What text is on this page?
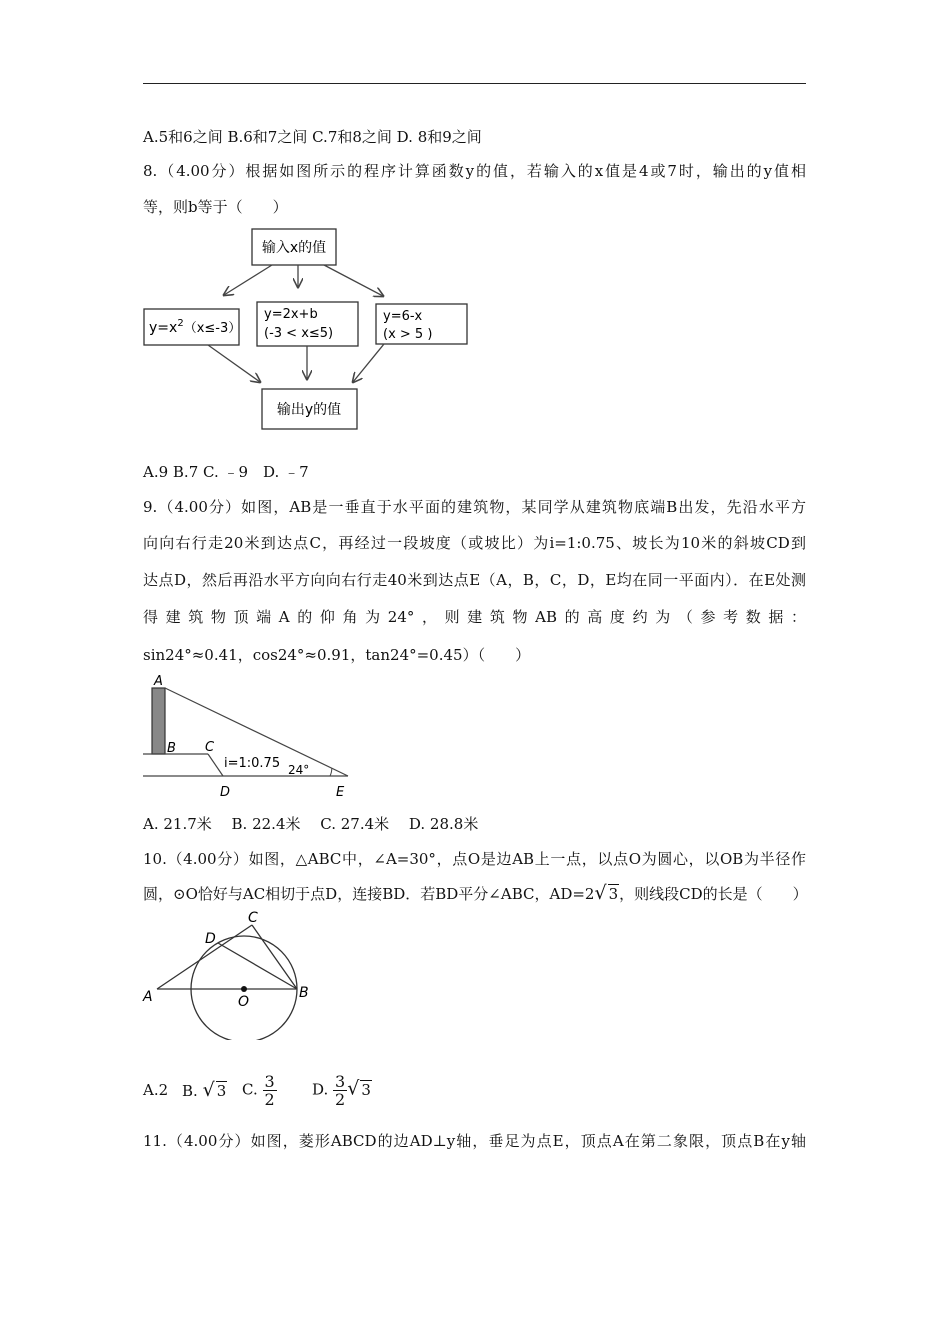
A.5和6之间 B.6和7之间 C.7和8之间 D. 8和9之间
8.（4.00分）根据如图所示的程序计算函数y的值，若输入的x值是4或7时，输出的y值相
等，则b等于（　　）
输入x的值
$y=x^2(x\le-3)$
y=2x+b
(-3 < x≤5)
y=6-x
(x > 5 )
输出y的值
A.9 B.7 C. ﹣9　D. ﹣7
9.（4.00分）如图，AB是一垂直于水平面的建筑物，某同学从建筑物底端B出发，先沿水平方
向向右行走20米到达点C，再经过一段坡度（或坡比）为i=1:0.75、坡长为10米的斜坡CD到
达点D，然后再沿水平方向向右行走40米到达点E（A，B，C，D，E均在同一平面内）．在E处测
得建筑物顶端A的仰角为24°，则建筑物AB的高度约为（参考数据：
sin24°≈0.41，cos24°≈0.91，tan24°=0.45）（　　）
A
B C
D	E
i=1:0.75 24°
A. 21.7米　 B. 22.4米　 C. 27.4米　 D. 28.8米
10.（4.00分）如图，△ABC中，∠A=30°，点O是边AB上一点，以点O为圆心，以OB为半径作
圆，⊙O恰好与AC相切于点D，连接BD．若BD平分∠ABC，AD=2√ 3，则线段CD的长是（　　）
A	B
C
D
O
A.2 B. √ 3 C. $\frac{3}{2} D$. $\frac{3}{2}$ √ 3
11.（4.00分）如图，菱形ABCD的边AD⊥y轴，垂足为点E，顶点A在第二象限，顶点B在y轴
